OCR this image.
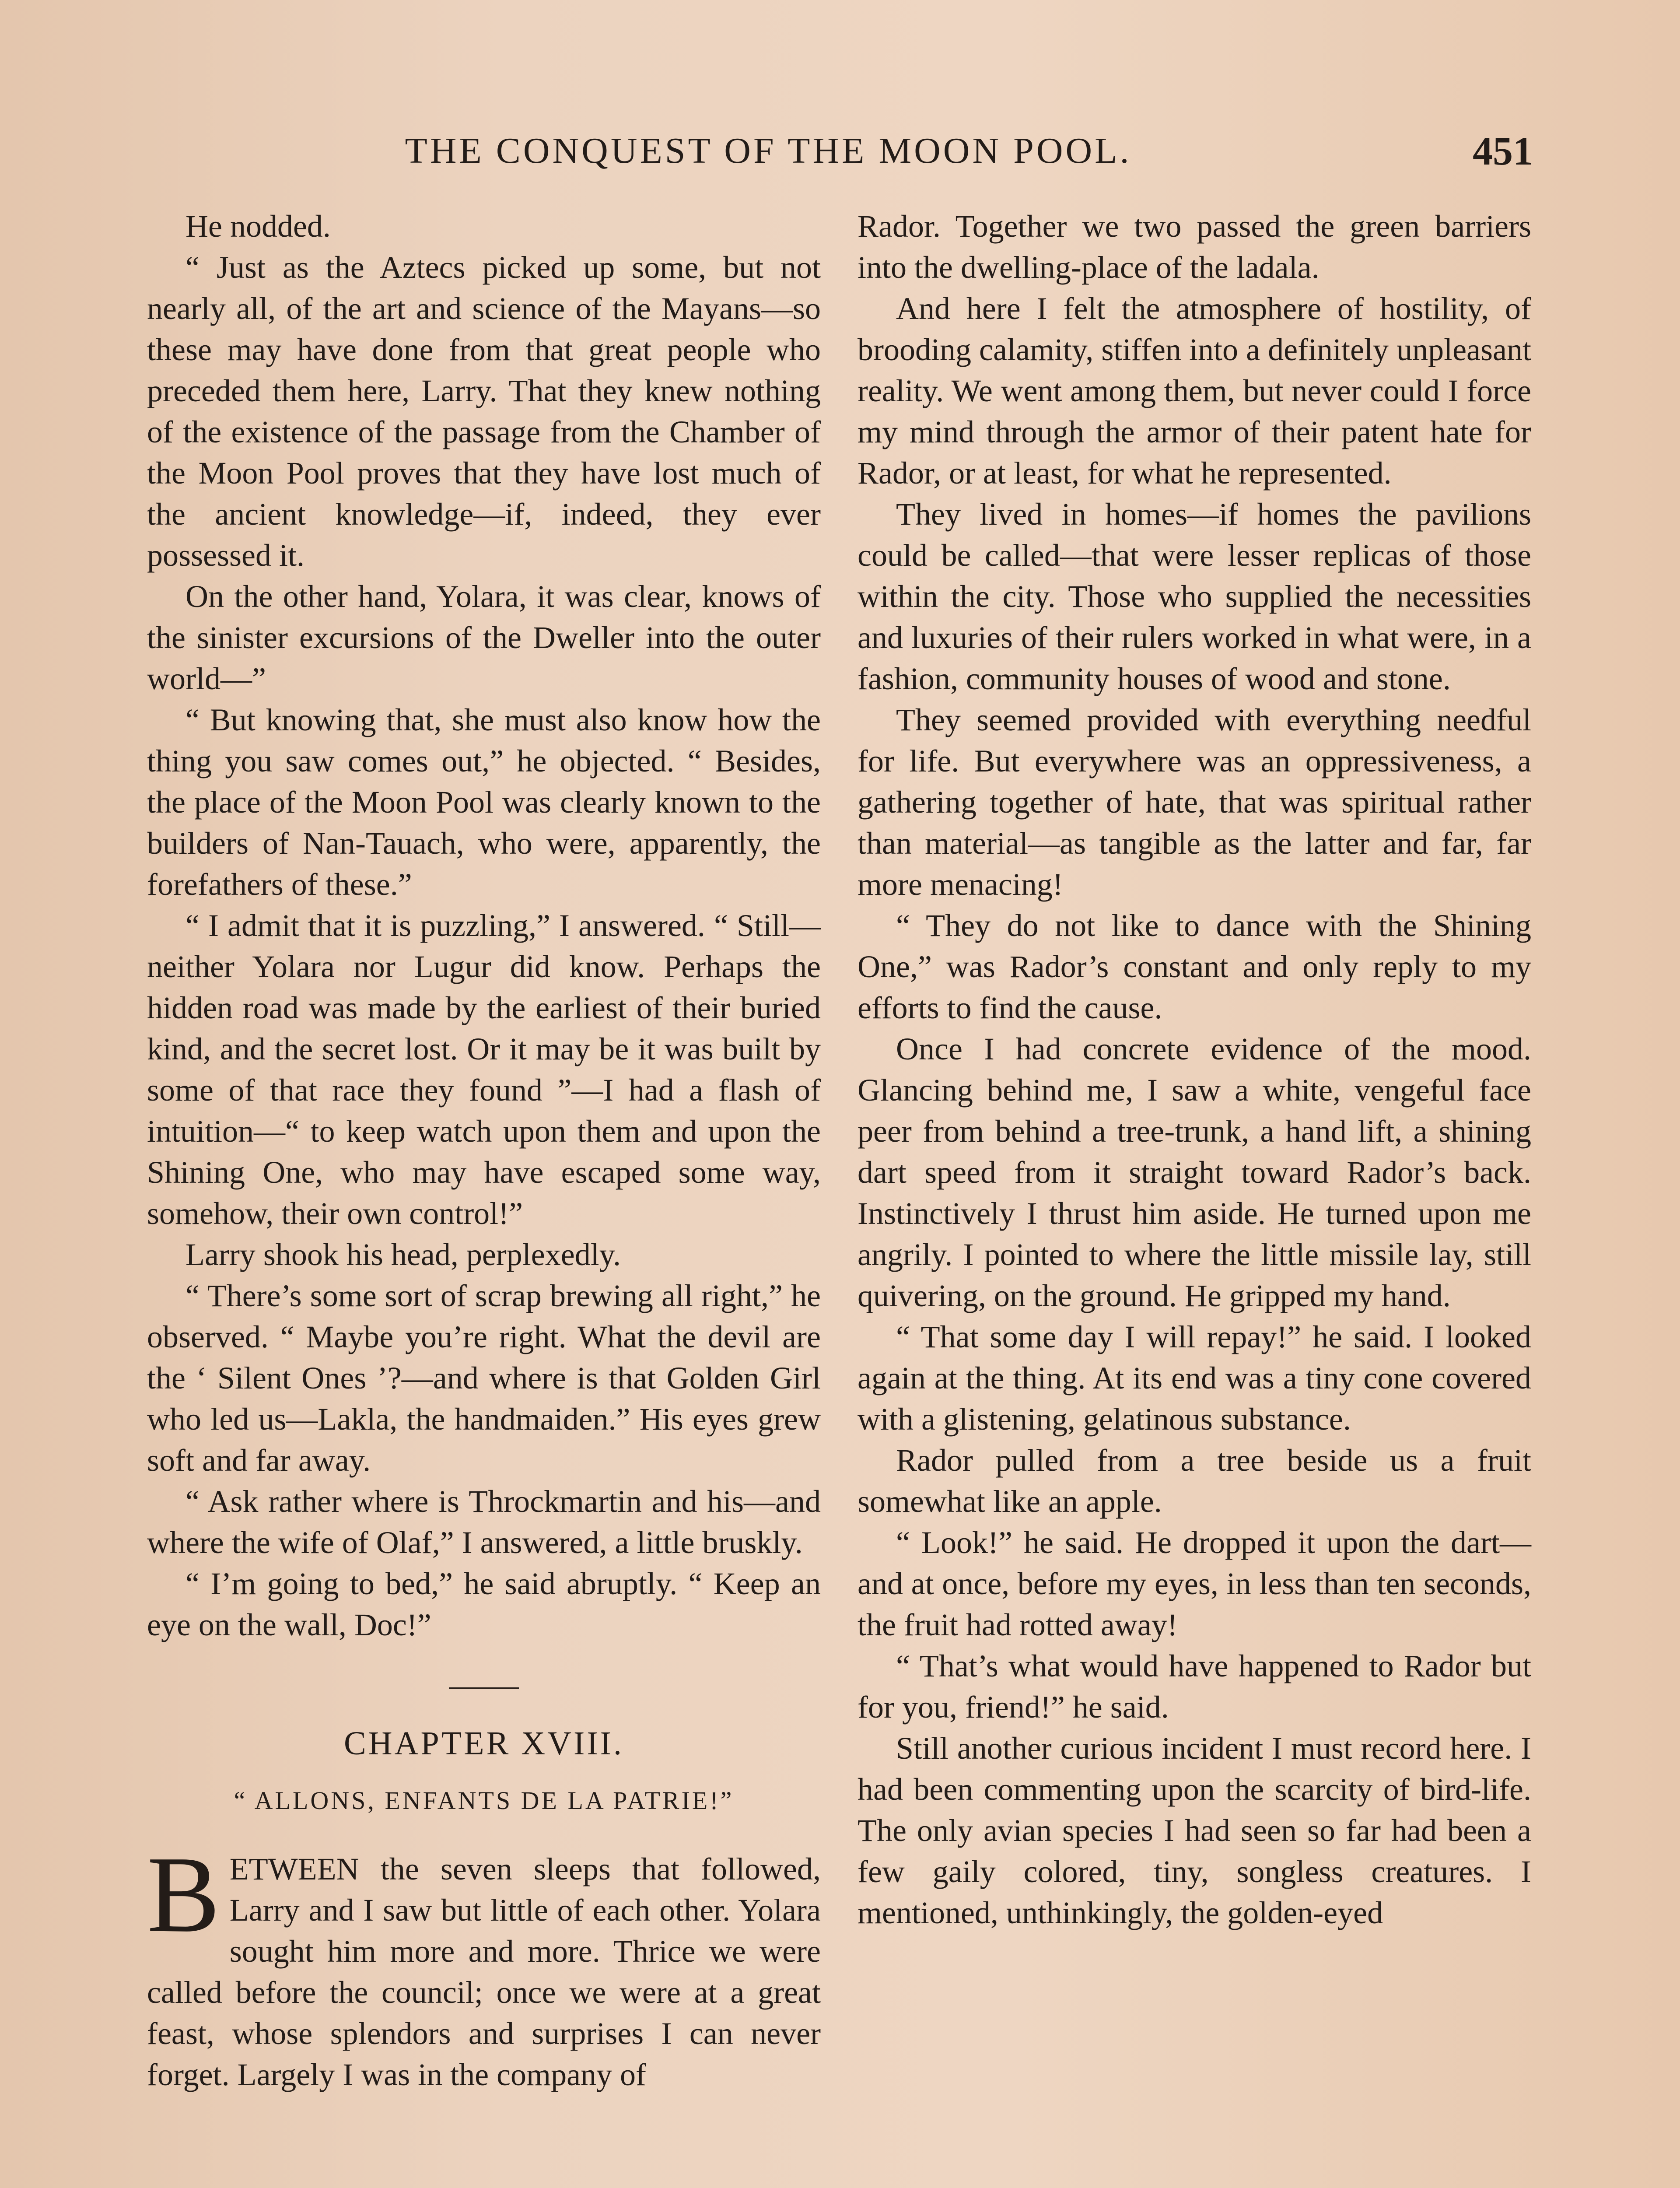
THE CONQUEST OF THE MOON POOL.	451

He nodded.

“ Just as the Aztecs picked up some, but not nearly all, of the art and science of the Mayans—so these may have done from that great people who preceded them here, Larry. That they knew nothing of the existence of the passage from the Chamber of the Moon Pool proves that they have lost much of the ancient knowledge—if, indeed, they ever possessed it.

On the other hand, Yolara, it was clear, knows of the sinister excursions of the Dweller into the outer world—”

“ But knowing that, she must also know how the thing you saw comes out,” he objected. “ Besides, the place of the Moon Pool was clearly known to the builders of Nan-Tauach, who were, apparently, the forefathers of these.”

“ I admit that it is puzzling,” I answered. “ Still—neither Yolara nor Lugur did know. Perhaps the hidden road was made by the earliest of their buried kind, and the secret lost. Or it may be it was built by some of that race they found ”—I had a flash of intuition—“ to keep watch upon them and upon the Shining One, who may have escaped some way, somehow, their own control!”

Larry shook his head, perplexedly.

“ There’s some sort of scrap brewing all right,” he observed. “ Maybe you’re right. What the devil are the ‘ Silent Ones ’?—and where is that Golden Girl who led us—Lakla, the handmaiden.” His eyes grew soft and far away.

“ Ask rather where is Throckmartin and his—and where the wife of Olaf,” I answered, a little bruskly.

“ I’m going to bed,” he said abruptly. “ Keep an eye on the wall, Doc!”

CHAPTER XVIII.
“ ALLONS, ENFANTS DE LA PATRIE!”

BETWEEN the seven sleeps that followed, Larry and I saw but little of each other. Yolara sought him more and more. Thrice we were called before the council; once we were at a great feast, whose splendors and surprises I can never forget. Largely I was in the company of

Rador. Together we two passed the green barriers into the dwelling-place of the ladala.

And here I felt the atmosphere of hostility, of brooding calamity, stiffen into a definitely unpleasant reality. We went among them, but never could I force my mind through the armor of their patent hate for Rador, or at least, for what he represented.

They lived in homes—if homes the pavilions could be called—that were lesser replicas of those within the city. Those who supplied the necessities and luxuries of their rulers worked in what were, in a fashion, community houses of wood and stone.

They seemed provided with everything needful for life. But everywhere was an oppressiveness, a gathering together of hate, that was spiritual rather than material—as tangible as the latter and far, far more menacing!

“ They do not like to dance with the Shining One,” was Rador’s constant and only reply to my efforts to find the cause.

Once I had concrete evidence of the mood. Glancing behind me, I saw a white, vengeful face peer from behind a tree-trunk, a hand lift, a shining dart speed from it straight toward Rador’s back. Instinctively I thrust him aside. He turned upon me angrily. I pointed to where the little missile lay, still quivering, on the ground. He gripped my hand.

“ That some day I will repay!” he said. I looked again at the thing. At its end was a tiny cone covered with a glistening, gelatinous substance.

Rador pulled from a tree beside us a fruit somewhat like an apple.

“ Look!” he said. He dropped it upon the dart—and at once, before my eyes, in less than ten seconds, the fruit had rotted away!

“ That’s what would have happened to Rador but for you, friend!” he said.

Still another curious incident I must record here. I had been commenting upon the scarcity of bird-life. The only avian species I had seen so far had been a few gaily colored, tiny, songless creatures. I mentioned, unthinkingly, the golden-eyed
